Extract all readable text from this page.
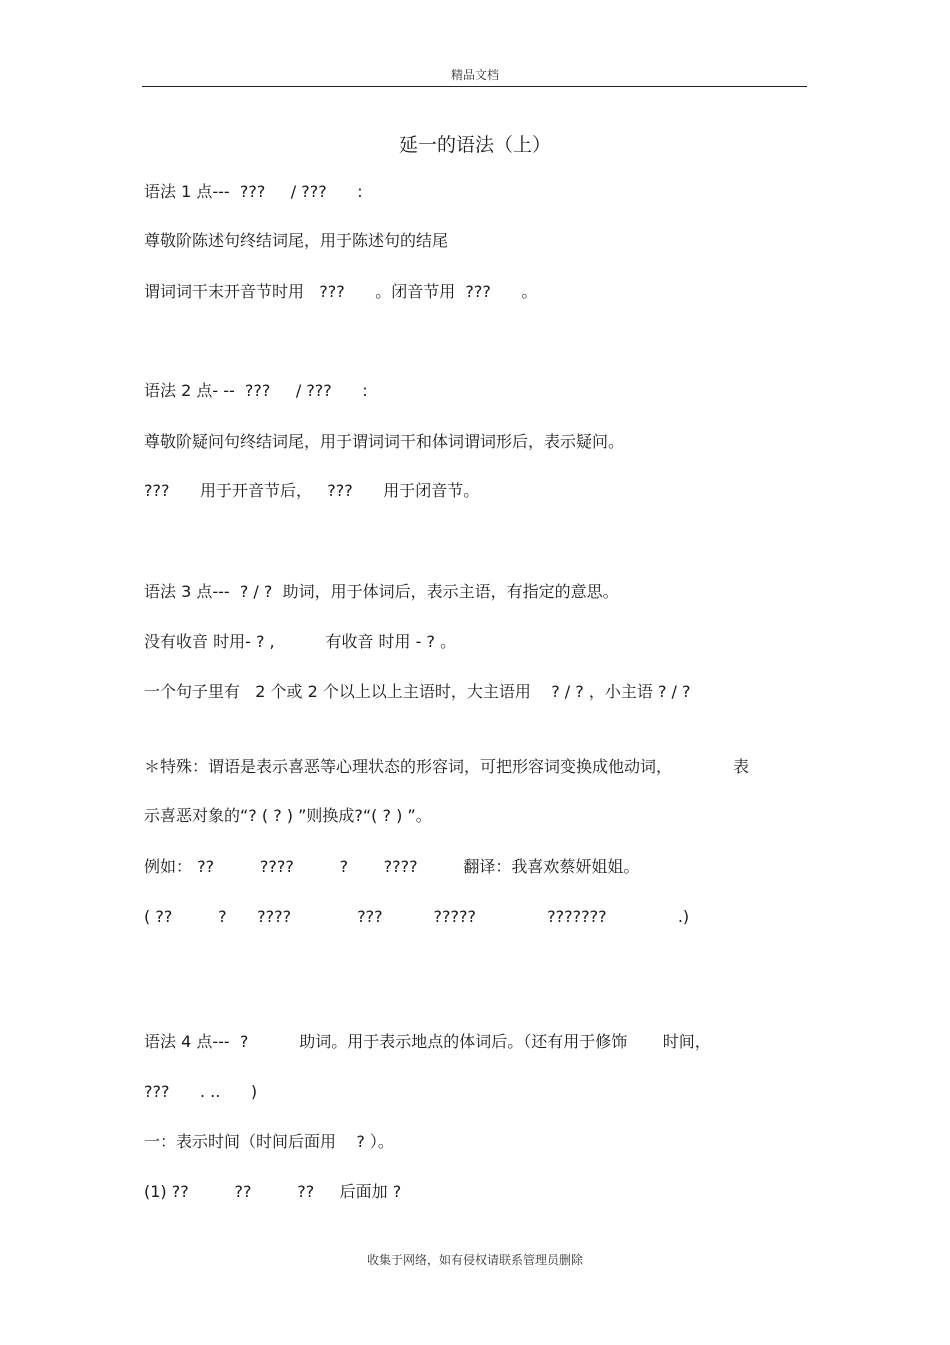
精品文档
延一的语法（上）
语法 1 点---  ???     / ???      :
尊敬阶陈述句终结词尾，用于陈述句的结尾
谓词词干末开音节时用   ???      。闭音节用  ???      。
语法 2 点- --  ???     / ???      :
尊敬阶疑问句终结词尾，用于谓词词干和体词谓词形后，表示疑问。
???      用于开音节后，   ???      用于闭音节。
语法 3 点---  ? / ?  助词，用于体词后，表示主语，有指定的意思。
没有收音 时用- ? ,          有收音 时用 - ? 。
一个句子里有   2 个或 2 个以上以上主语时，大主语用    ? / ? ，小主语 ? / ?
＊特殊：谓语是表示喜恶等心理状态的形容词，可把形容词变换成他动词，            表
示喜恶对象的“? ( ? ) ”则换成?“( ? ) ”。
例如： ??         ????         ?       ????         翻译：我喜欢蔡妍姐姐。
( ??         ?      ????             ???          ?????              ???????              .)
语法 4 点---  ?          助词。用于表示地点的体词后。（还有用于修饰       时间，
???      . ..      )
一：表示时间（时间后面用    ? ）。
(1) ??         ??         ??     后面加 ?
收集于网络，如有侵权请联系管理员删除
